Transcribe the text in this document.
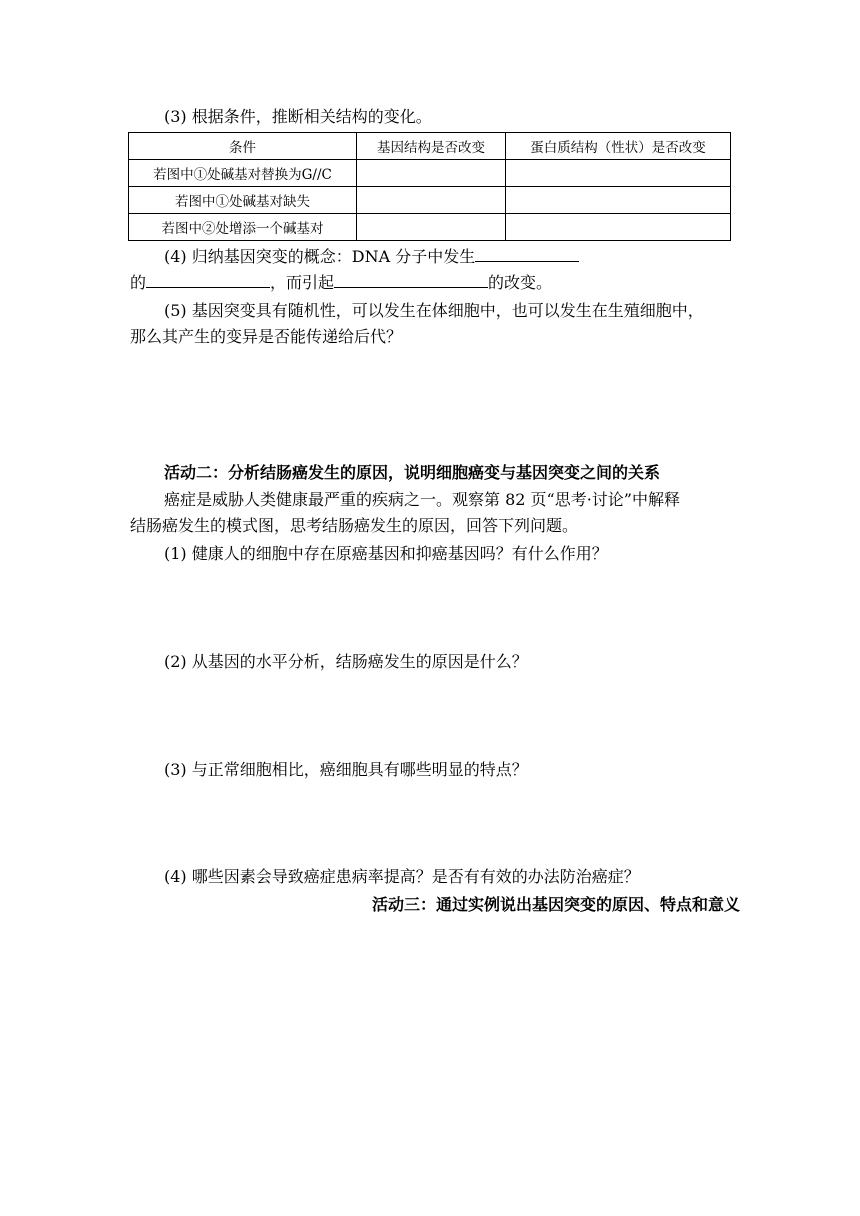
(3) 根据条件，推断相关结构的变化。
条件	基因结构是否改变	蛋白质结构（性状）是否改变
若图中①处碱基对替换为G//C		
若图中①处碱基对缺失		
若图中②处增添一个碱基对		
(4) 归纳基因突变的概念：DNA 分子中发生
的	，而引起	的改变。
(5) 基因突变具有随机性，可以发生在体细胞中，也可以发生在生殖细胞中，
那么其产生的变异是否能传递给后代？
活动二：分析结肠癌发生的原因，说明细胞癌变与基因突变之间的关系
癌症是威胁人类健康最严重的疾病之一。观察第 82 页“思考·讨论”中解释
结肠癌发生的模式图，思考结肠癌发生的原因，回答下列问题。
(1) 健康人的细胞中存在原癌基因和抑癌基因吗？有什么作用？
(2) 从基因的水平分析，结肠癌发生的原因是什么？
(3) 与正常细胞相比，癌细胞具有哪些明显的特点？
(4) 哪些因素会导致癌症患病率提高？是否有有效的办法防治癌症？
活动三：通过实例说出基因突变的原因、特点和意义
